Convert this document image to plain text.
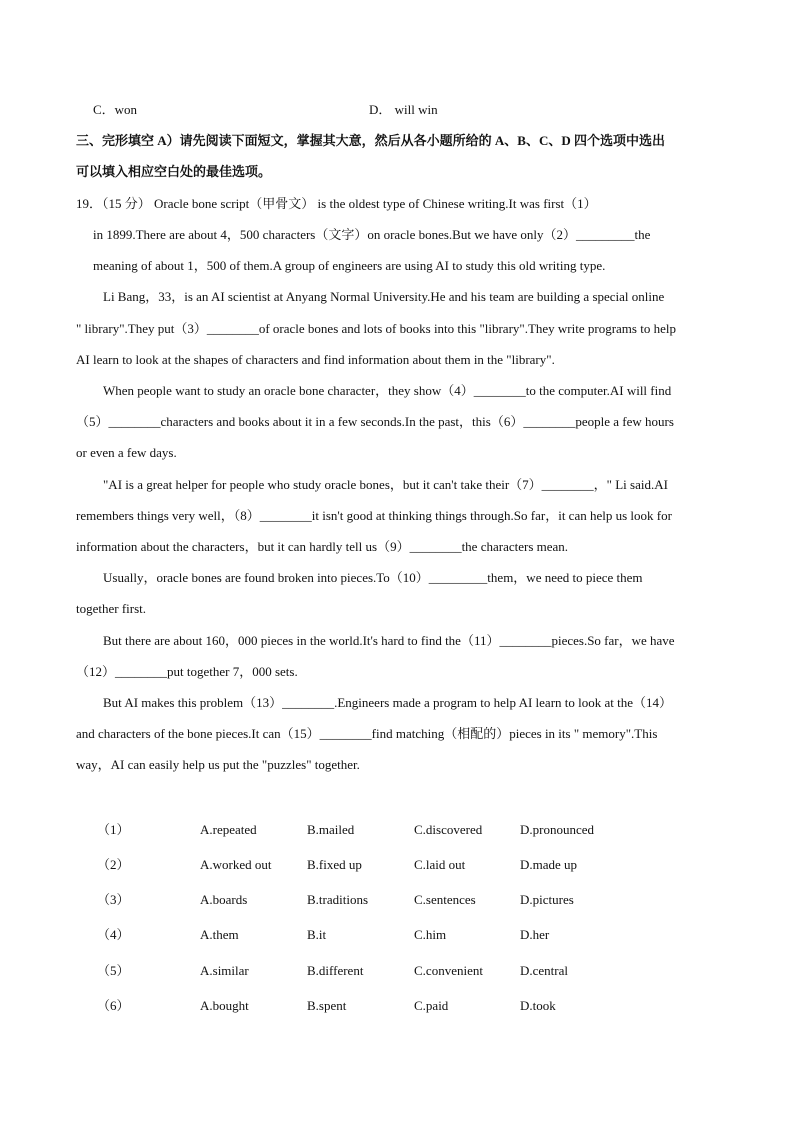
C．won	D． will win
三、完形填空 A）请先阅读下面短文，掌握其大意，然后从各小题所给的 A、B、C、D 四个选项中选出
可以填入相应空白处的最佳选项。
19．（15 分） Oracle bone script（甲骨文） is the oldest type of Chinese writing.It was first（1）
in 1899.There are about 4，500 characters（文字）on oracle bones.But we have only（2）_________the
meaning of about 1，500 of them.A group of engineers are using AI to study this old writing type.
Li Bang，33，is an AI scientist at Anyang Normal University.He and his team are building a special online
" library".They put（3）________of oracle bones and lots of books into this "library".They write programs to help
AI learn to look at the shapes of characters and find information about them in the "library".
When people want to study an oracle bone character，they show（4）________to the computer.AI will find
（5）________characters and books about it in a few seconds.In the past，this（6）________people a few hours
or even a few days.
"AI is a great helper for people who study oracle bones，but it can't take their（7）________，" Li said.AI
remembers things very well，（8）________it isn't good at thinking things through.So far，it can help us look for
information about the characters，but it can hardly tell us（9）________the characters mean.
Usually，oracle bones are found broken into pieces.To（10）_________them，we need to piece them
together first.
But there are about 160，000 pieces in the world.It's hard to find the（11）________pieces.So far，we have
（12）________put together 7，000 sets.
But AI makes this problem（13）________.Engineers made a program to help AI learn to look at the（14）
and characters of the bone pieces.It can（15）________find matching（相配的）pieces in its " memory".This
way，AI can easily help us put the "puzzles" together.
（1）	A.repeated	B.mailed	C.discovered	D.pronounced
（2）	A.worked out	B.fixed up	C.laid out	D.made up
（3）	A.boards	B.traditions	C.sentences	D.pictures
（4）	A.them	B.it	C.him	D.her
（5）	A.similar	B.different	C.convenient	D.central
（6）	A.bought	B.spent	C.paid	D.took
